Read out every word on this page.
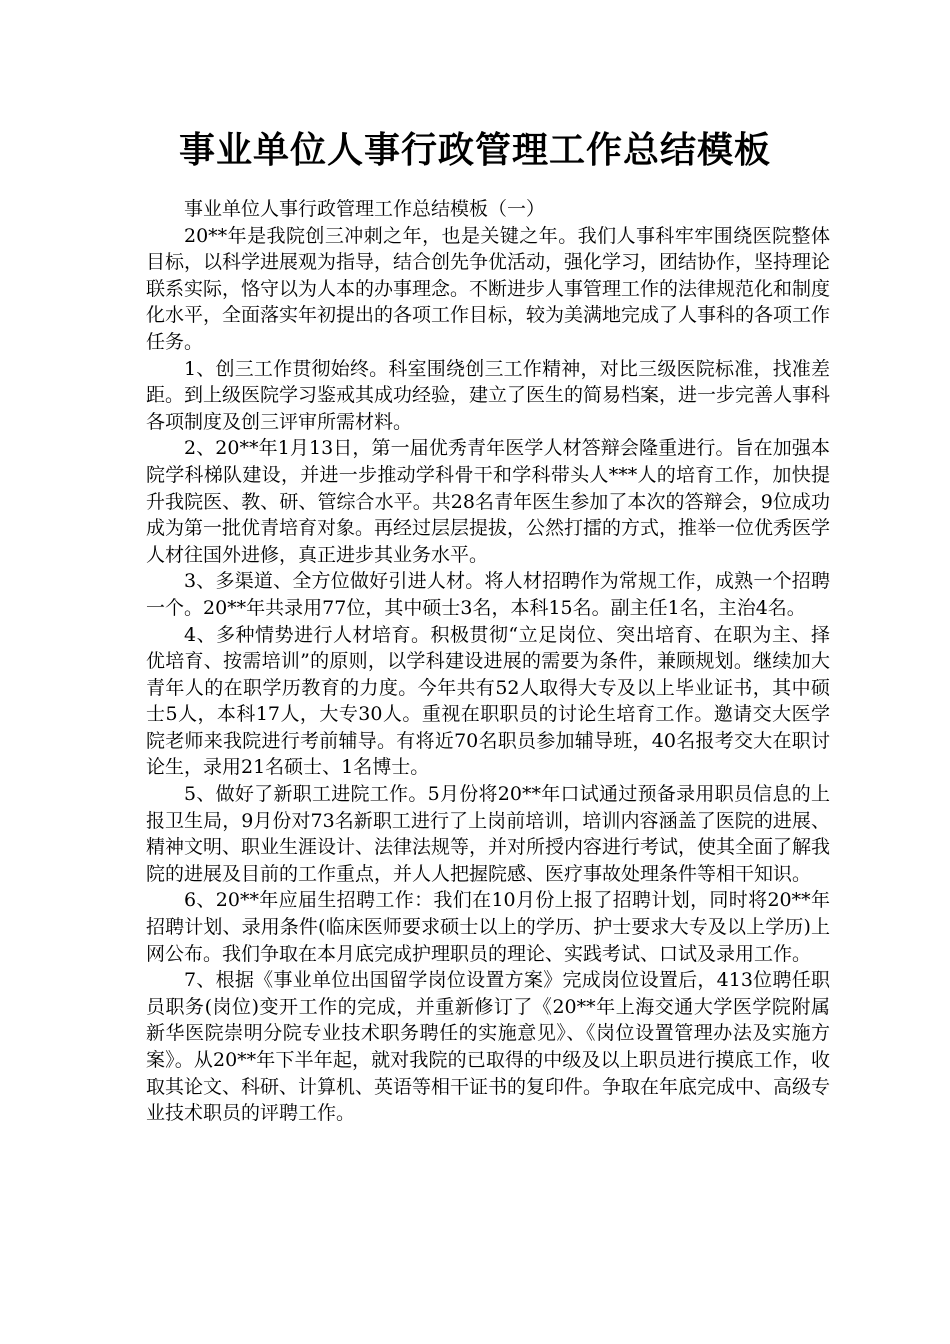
事业单位人事行政管理工作总结模板

事业单位人事行政管理工作总结模板（一）

20**年是我院创三冲刺之年，也是关键之年。我们人事科牢牢围绕医院整体目标，以科学进展观为指导，结合创先争优活动，强化学习，团结协作，坚持理论联系实际，恪守以为人本的办事理念。不断进步人事管理工作的法律规范化和制度化水平，全面落实年初提出的各项工作目标，较为美满地完成了人事科的各项工作任务。

1、创三工作贯彻始终。科室围绕创三工作精神，对比三级医院标准，找准差距。到上级医院学习鉴戒其成功经验，建立了医生的简易档案，进一步完善人事科各项制度及创三评审所需材料。

2、20**年1月13日，第一届优秀青年医学人材答辩会隆重进行。旨在加强本院学科梯队建设，并进一步推动学科骨干和学科带头人***人的培育工作，加快提升我院医、教、研、管综合水平。共28名青年医生参加了本次的答辩会，9位成功成为第一批优青培育对象。再经过层层提拔，公然打擂的方式，推举一位优秀医学人材往国外进修，真正进步其业务水平。

3、多渠道、全方位做好引进人材。将人材招聘作为常规工作，成熟一个招聘一个。20**年共录用77位，其中硕士3名，本科15名。副主任1名，主治4名。

4、多种情势进行人材培育。积极贯彻“立足岗位、突出培育、在职为主、择优培育、按需培训”的原则，以学科建设进展的需要为条件，兼顾规划。继续加大青年人的在职学历教育的力度。今年共有52人取得大专及以上毕业证书，其中硕士5人，本科17人，大专30人。重视在职职员的讨论生培育工作。邀请交大医学院老师来我院进行考前辅导。有将近70名职员参加辅导班，40名报考交大在职讨论生，录用21名硕士、1名博士。

5、做好了新职工进院工作。5月份将20**年口试通过预备录用职员信息的上报卫生局，9月份对73名新职工进行了上岗前培训，培训内容涵盖了医院的进展、精神文明、职业生涯设计、法律法规等，并对所授内容进行考试，使其全面了解我院的进展及目前的工作重点，并人人把握院感、医疗事故处理条件等相干知识。

6、20**年应届生招聘工作：我们在10月份上报了招聘计划，同时将20**年招聘计划、录用条件(临床医师要求硕士以上的学历、护士要求大专及以上学历)上网公布。我们争取在本月底完成护理职员的理论、实践考试、口试及录用工作。

7、根据《事业单位出国留学岗位设置方案》完成岗位设置后，413位聘任职员职务(岗位)变开工作的完成，并重新修订了《20**年上海交通大学医学院附属新华医院崇明分院专业技术职务聘任的实施意见》、《岗位设置管理办法及实施方案》。从20**年下半年起，就对我院的已取得的中级及以上职员进行摸底工作，收取其论文、科研、计算机、英语等相干证书的复印件。争取在年底完成中、高级专业技术职员的评聘工作。
